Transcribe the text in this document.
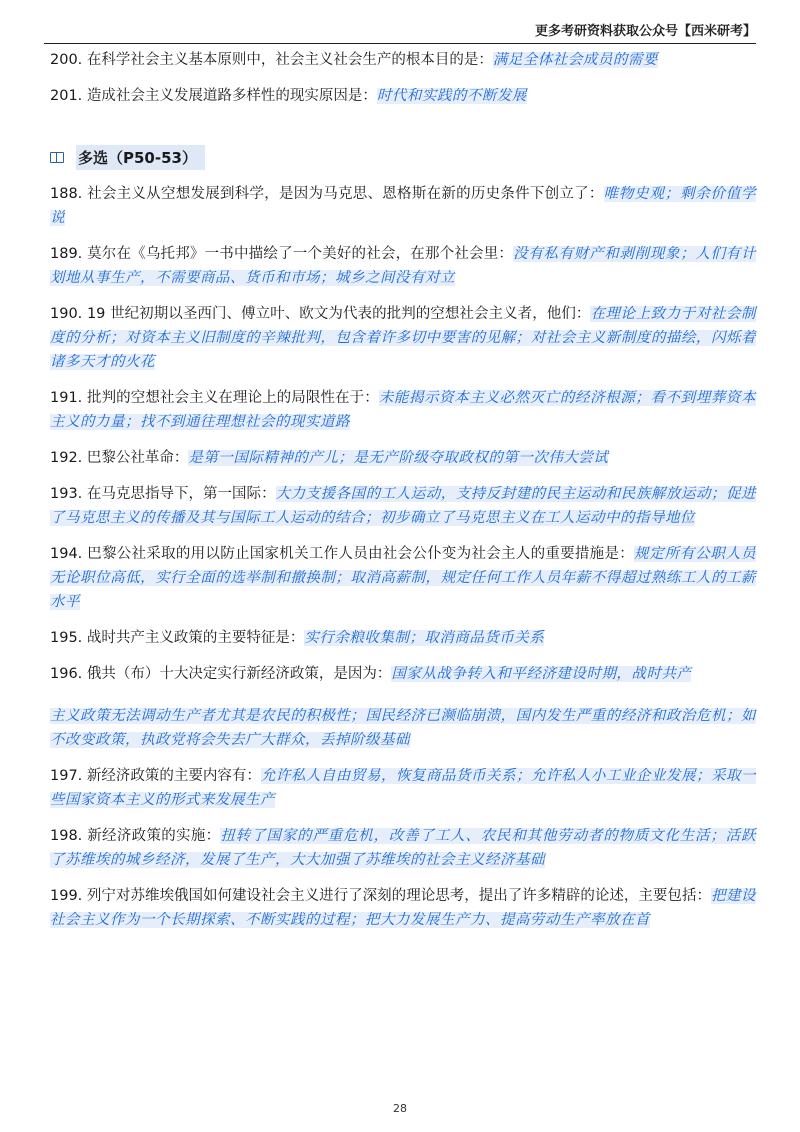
更多考研资料获取公众号【西米研考】

200. 在科学社会主义基本原则中，社会主义社会生产的根本目的是：满足全体社会成员的需要

201. 造成社会主义发展道路多样性的现实原因是：时代和实践的不断发展

多选（P50-53）

188. 社会主义从空想发展到科学，是因为马克思、恩格斯在新的历史条件下创立了：唯物史观；剩余价值学说

189. 莫尔在《乌托邦》一书中描绘了一个美好的社会，在那个社会里：没有私有财产和剥削现象；人们有计划地从事生产，不需要商品、货币和市场；城乡之间没有对立

190. 19 世纪初期以圣西门、傅立叶、欧文为代表的批判的空想社会主义者，他们：在理论上致力于对社会制度的分析；对资本主义旧制度的辛辣批判，包含着许多切中要害的见解；对社会主义新制度的描绘，闪烁着诸多天才的火花

191. 批判的空想社会主义在理论上的局限性在于：未能揭示资本主义必然灭亡的经济根源；看不到埋葬资本主义的力量；找不到通往理想社会的现实道路

192. 巴黎公社革命：是第一国际精神的产儿；是无产阶级夺取政权的第一次伟大尝试

193. 在马克思指导下，第一国际：大力支援各国的工人运动，支持反封建的民主运动和民族解放运动；促进了马克思主义的传播及其与国际工人运动的结合；初步确立了马克思主义在工人运动中的指导地位

194. 巴黎公社采取的用以防止国家机关工作人员由社会公仆变为社会主人的重要措施是：规定所有公职人员无论职位高低，实行全面的选举制和撤换制；取消高薪制，规定任何工作人员年薪不得超过熟练工人的工薪水平

195. 战时共产主义政策的主要特征是：实行余粮收集制；取消商品货币关系

196. 俄共（布）十大决定实行新经济政策，是因为：国家从战争转入和平经济建设时期，战时共产

主义政策无法调动生产者尤其是农民的积极性；国民经济已濒临崩溃，国内发生严重的经济和政治危机；如不改变政策，执政党将会失去广大群众，丢掉阶级基础

197. 新经济政策的主要内容有：允许私人自由贸易，恢复商品货币关系；允许私人小工业企业发展；采取一些国家资本主义的形式来发展生产

198. 新经济政策的实施：扭转了国家的严重危机，改善了工人、农民和其他劳动者的物质文化生活；活跃了苏维埃的城乡经济，发展了生产，大大加强了苏维埃的社会主义经济基础

199. 列宁对苏维埃俄国如何建设社会主义进行了深刻的理论思考，提出了许多精辟的论述，主要包括：把建设社会主义作为一个长期探索、不断实践的过程；把大力发展生产力、提高劳动生产率放在首

28
